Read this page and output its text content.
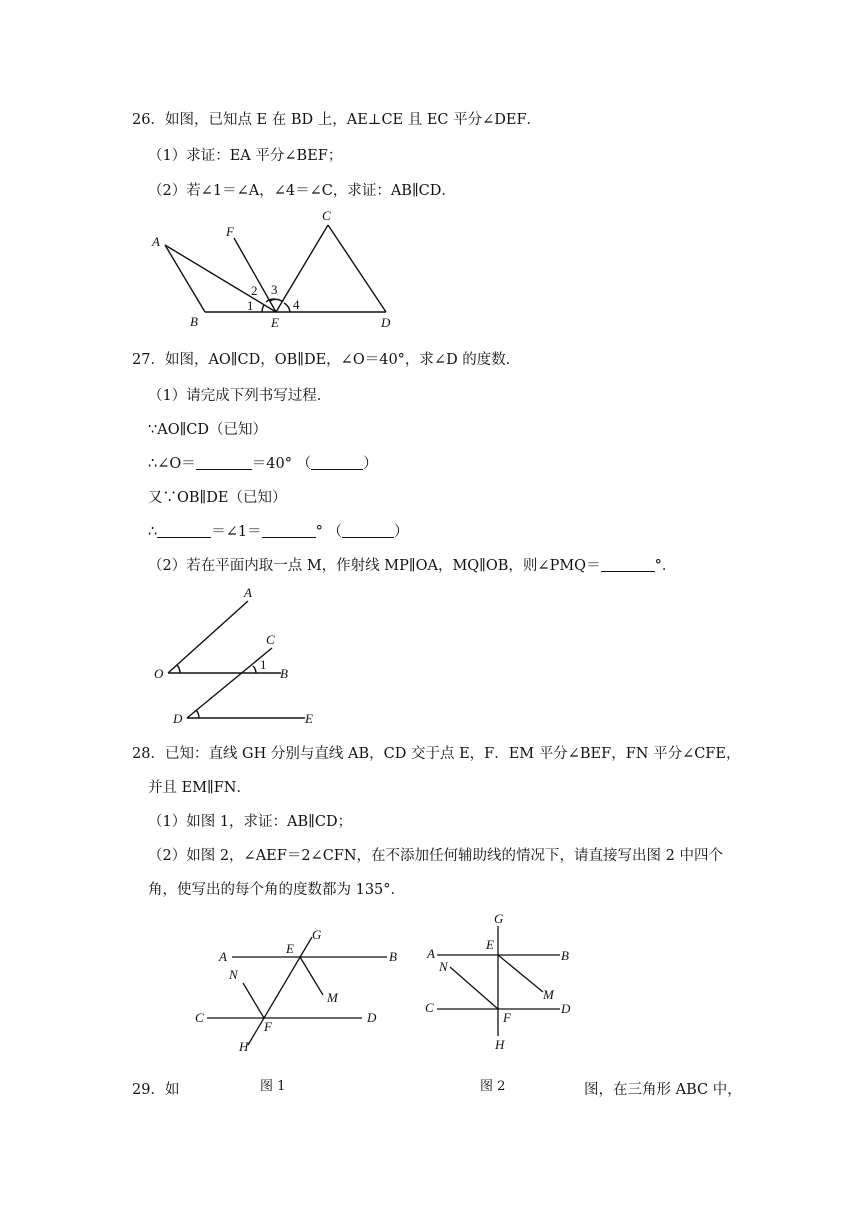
26．如图，已知点 E 在 BD 上，AE⊥CE 且 EC 平分∠DEF．
（1）求证：EA 平分∠BEF；
（2）若∠1＝∠A，∠4＝∠C，求证：AB∥CD．
A
F
C
B	E	D
1
2 3
4
27．如图，AO∥CD，OB∥DE，∠O＝40°，求∠D 的度数．
（1）请完成下列书写过程．
∵AO∥CD（已知）
∴∠O＝	＝40° （	）
又∵OB∥DE（已知）
∴	＝∠1＝	° （	）
（2）若在平面内取一点 M，作射线 MP∥OA，MQ∥OB，则∠PMQ＝	°．
A
C
O
1
B
D	E
28．已知：直线 GH 分别与直线 AB，CD 交于点 E，F．EM 平分∠BEF，FN 平分∠CFE，
并且 EM∥FN．
（1）如图 1，求证：AB∥CD；
（2）如图 2，∠AEF＝2∠CFN，在不添加任何辅助线的情况下，请直接写出图 2 中四个
角，使写出的每个角的度数都为 135°．
A
E
G
B
N
M
C
F
D
H
G
E
A	B
N
M
C
F
D
H
图 1	图 2
29．如	图，在三角形 ABC 中，
